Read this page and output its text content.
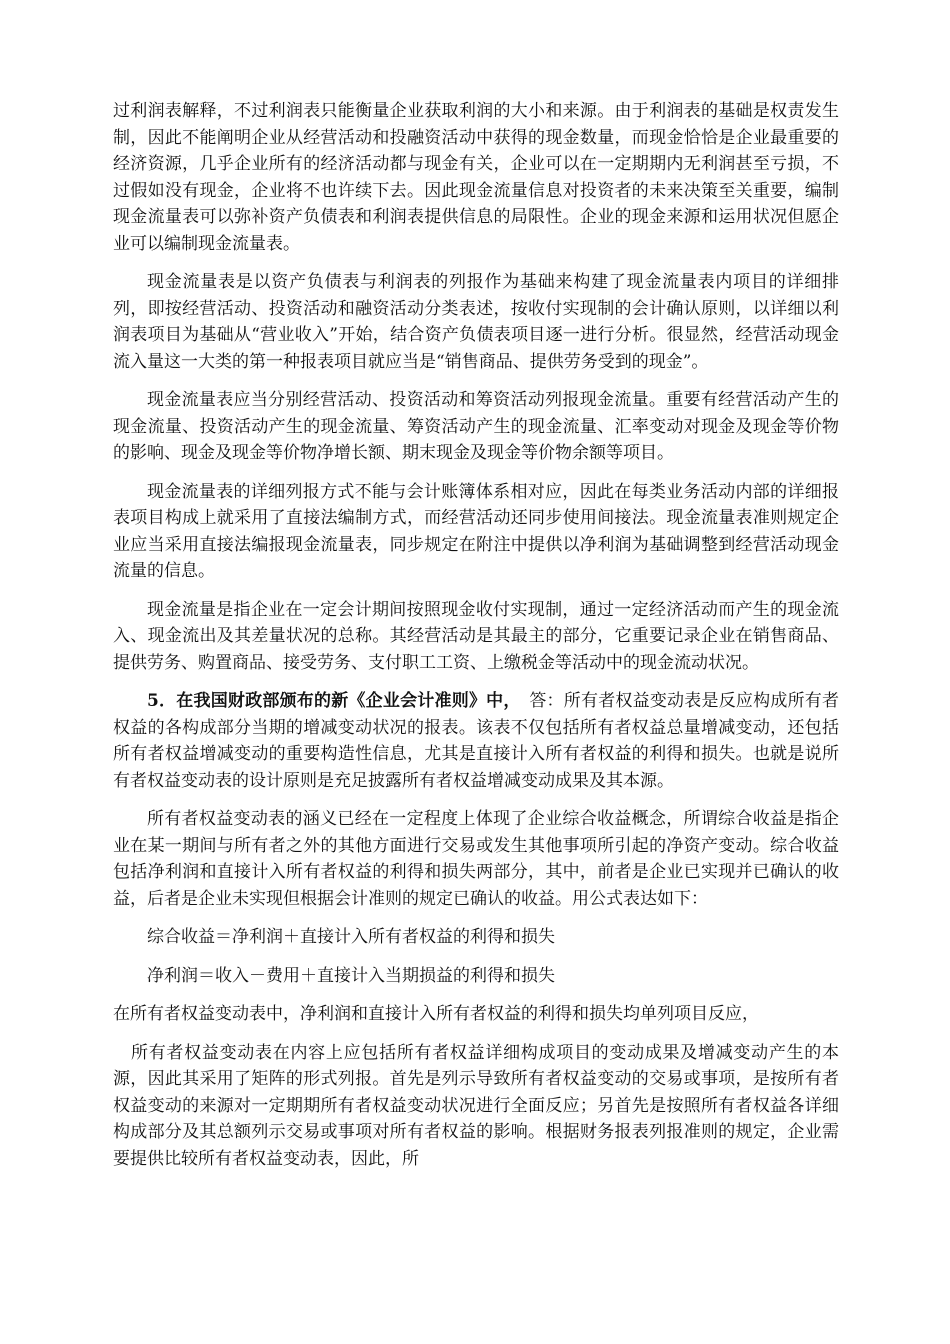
过利润表解释，不过利润表只能衡量企业获取利润的大小和来源。由于利润表的基础是权责发生制，因此不能阐明企业从经营活动和投融资活动中获得的现金数量，而现金恰恰是企业最重要的经济资源，几乎企业所有的经济活动都与现金有关，企业可以在一定期期内无利润甚至亏损，不过假如没有现金，企业将不也许续下去。因此现金流量信息对投资者的未来决策至关重要，编制现金流量表可以弥补资产负债表和利润表提供信息的局限性。企业的现金来源和运用状况但愿企业可以编制现金流量表。

现金流量表是以资产负债表与利润表的列报作为基础来构建了现金流量表内项目的详细排列，即按经营活动、投资活动和融资活动分类表述，按收付实现制的会计确认原则，以详细以利润表项目为基础从“营业收入”开始，结合资产负债表项目逐一进行分析。很显然，经营活动现金流入量这一大类的第一种报表项目就应当是“销售商品、提供劳务受到的现金”。

现金流量表应当分别经营活动、投资活动和筹资活动列报现金流量。重要有经营活动产生的现金流量、投资活动产生的现金流量、筹资活动产生的现金流量、汇率变动对现金及现金等价物的影响、现金及现金等价物净增长额、期末现金及现金等价物余额等项目。

现金流量表的详细列报方式不能与会计账簿体系相对应，因此在每类业务活动内部的详细报表项目构成上就采用了直接法编制方式，而经营活动还同步使用间接法。现金流量表准则规定企业应当采用直接法编报现金流量表，同步规定在附注中提供以净利润为基础调整到经营活动现金流量的信息。

现金流量是指企业在一定会计期间按照现金收付实现制，通过一定经济活动而产生的现金流入、现金流出及其差量状况的总称。其经营活动是其最主的部分，它重要记录企业在销售商品、提供劳务、购置商品、接受劳务、支付职工工资、上缴税金等活动中的现金流动状况。

5．在我国财政部颁布的新《企业会计准则》中，　答：所有者权益变动表是反应构成所有者权益的各构成部分当期的增减变动状况的报表。该表不仅包括所有者权益总量增减变动，还包括所有者权益增减变动的重要构造性信息，尤其是直接计入所有者权益的利得和损失。也就是说所有者权益变动表的设计原则是充足披露所有者权益增减变动成果及其本源。

所有者权益变动表的涵义已经在一定程度上体现了企业综合收益概念，所谓综合收益是指企业在某一期间与所有者之外的其他方面进行交易或发生其他事项所引起的净资产变动。综合收益包括净利润和直接计入所有者权益的利得和损失两部分，其中，前者是企业已实现并已确认的收益，后者是企业未实现但根据会计准则的规定已确认的收益。用公式表达如下：

综合收益＝净利润＋直接计入所有者权益的利得和损失

净利润＝收入－费用＋直接计入当期损益的利得和损失

在所有者权益变动表中，净利润和直接计入所有者权益的利得和损失均单列项目反应，

所有者权益变动表在内容上应包括所有者权益详细构成项目的变动成果及增减变动产生的本源，因此其采用了矩阵的形式列报。首先是列示导致所有者权益变动的交易或事项，是按所有者权益变动的来源对一定期期所有者权益变动状况进行全面反应；另首先是按照所有者权益各详细构成部分及其总额列示交易或事项对所有者权益的影响。根据财务报表列报准则的规定，企业需要提供比较所有者权益变动表，因此，所
